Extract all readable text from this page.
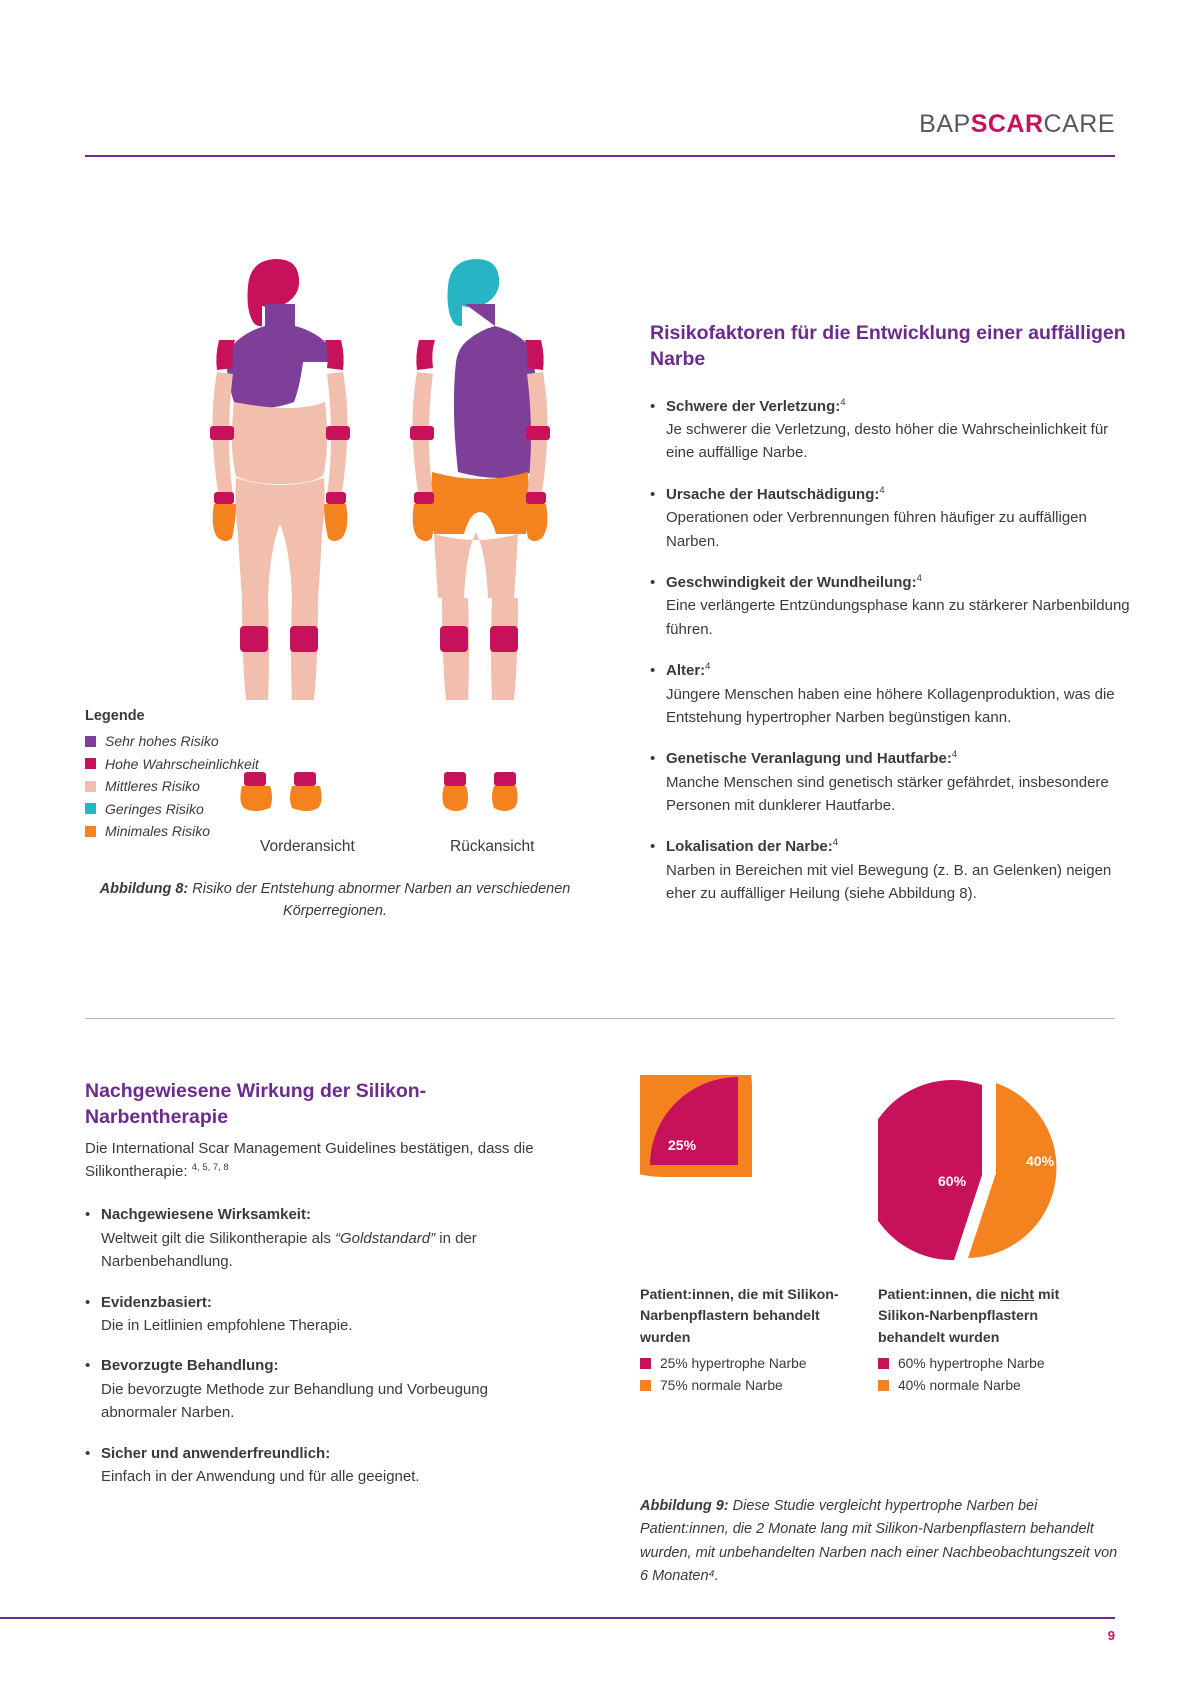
BAPSCARCARE
Vorderansicht	Rückansicht
Legende
Sehr hohes Risiko
Hohe Wahrscheinlichkeit
Mittleres Risiko
Geringes Risiko
Minimales Risiko
Abbildung 8: Risiko der Entstehung abnormer Narben an verschiedenen Körperregionen.
Risikofaktoren für die Entwicklung einer auffälligen Narbe
• Schwere der Verletzung:$^4$
Je schwerer die Verletzung, desto höher die Wahrscheinlichkeit für eine auffällige Narbe.
• Ursache der Hautschädigung:$^4$
Operationen oder Verbrennungen führen häufiger zu auffälligen Narben.
• Geschwindigkeit der Wundheilung:$^4$
Eine verlängerte Entzündungsphase kann zu stärkerer Narbenbildung führen.
• Alter:$^4$
Jüngere Menschen haben eine höhere Kollagenproduktion, was die Entstehung hypertropher Narben begünstigen kann.
• Genetische Veranlagung und Hautfarbe:$^4$
Manche Menschen sind genetisch stärker gefährdet, insbesondere Personen mit dunklerer Hautfarbe.
• Lokalisation der Narbe:$^4$
Narben in Bereichen mit viel Bewegung (z. B. an Gelenken) neigen eher zu auffälliger Heilung (siehe Abbildung 8).
Nachgewiesene Wirkung der Silikon-Narbentherapie
Die International Scar Management Guidelines bestätigen, dass die Silikontherapie: $^{4, 5, 7, 8}$
• Nachgewiesene Wirksamkeit:
Weltweit gilt die Silikontherapie als “Goldstandard” in der Narbenbehandlung.
• Evidenzbasiert:
Die in Leitlinien empfohlene Therapie.
• Bevorzugte Behandlung:
Die bevorzugte Methode zur Behandlung und Vorbeugung abnormaler Narben.
• Sicher und anwenderfreundlich:
Einfach in der Anwendung und für alle geeignet.
25%
75%
Patient:innen, die mit Silikon-Narbenpflastern behandelt wurden
25% hypertrophe Narbe
75% normale Narbe
60%
40%
Patient:innen, die nicht mit Silikon-Narbenpflastern behandelt wurden
60% hypertrophe Narbe
40% normale Narbe
Abbildung 9: Diese Studie vergleicht hypertrophe Narben bei Patient:innen, die 2 Monate lang mit Silikon-Narbenpflastern behandelt wurden, mit unbehandelten Narben nach einer Nachbeobachtungszeit von 6 Monaten⁴.
9
